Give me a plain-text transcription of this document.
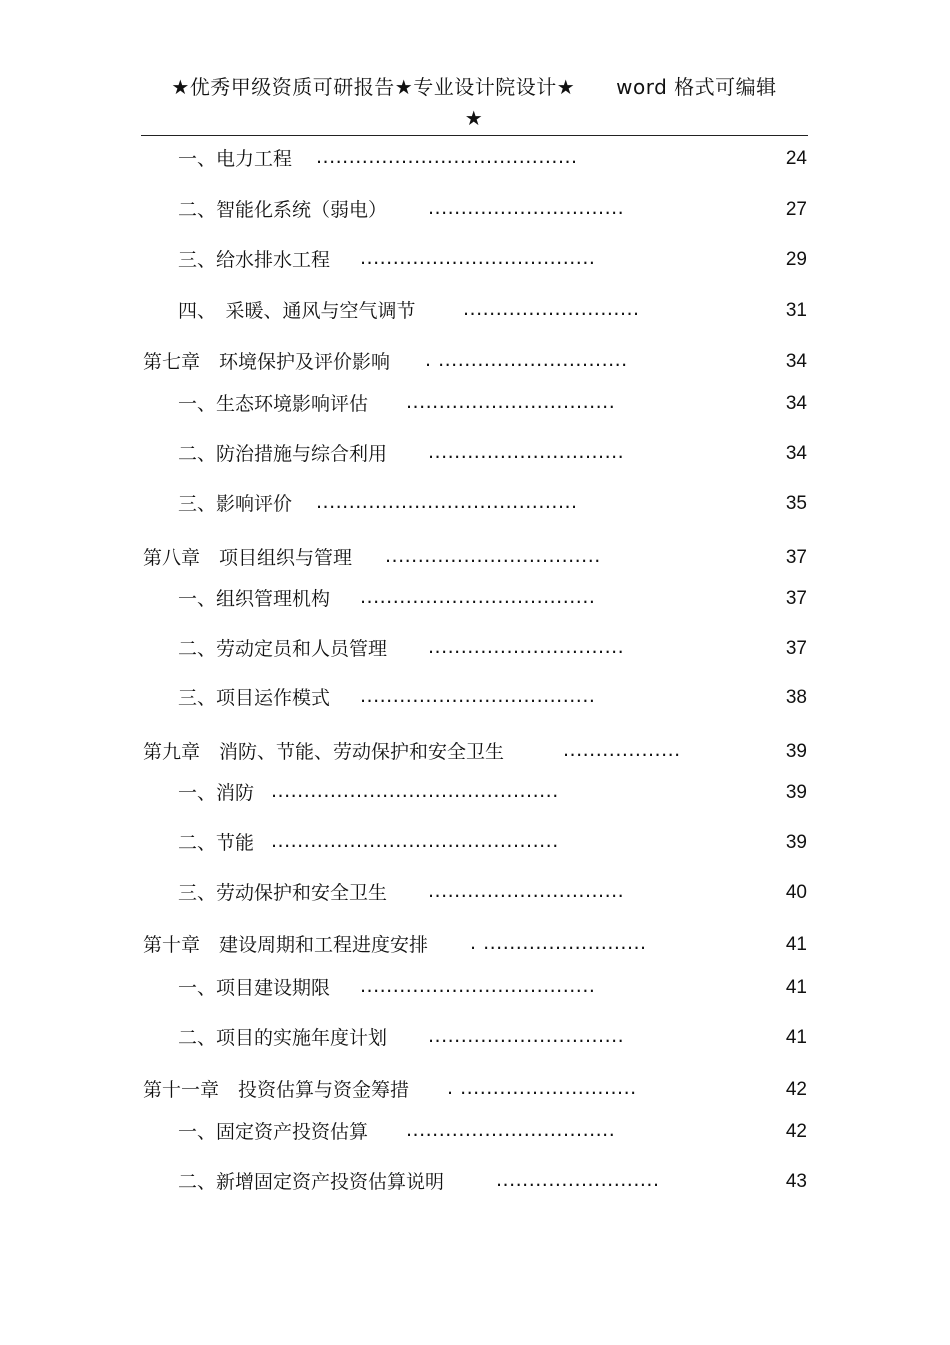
★优秀甲级资质可研报告★专业设计院设计★　　word 格式可编辑
★
一、电力工程 ........................................	24
二、智能化系统（弱电） ..............................	27
三、给水排水工程 ....................................	29
四、　采暖、通风与空气调节 ...........................	31
第七章　环境保护及评价影响 . .............................	34
一、生态环境影响评估 ................................	34
二、防治措施与综合利用 ..............................	34
三、影响评价 ........................................	35
第八章　项目组织与管理 .................................	37
一、组织管理机构 ....................................	37
二、劳动定员和人员管理 ..............................	37
三、项目运作模式 ....................................	38
第九章　消防、节能、劳动保护和安全卫生	..................	39
一、消防 ............................................	39
二、节能 ............................................	39
三、劳动保护和安全卫生 ..............................	40
第十章　建设周期和工程进度安排 . .........................	41
一、项目建设期限 ....................................	41
二、项目的实施年度计划 ..............................	41
第十一章　投资估算与资金筹措 . ...........................	42
一、固定资产投资估算 ................................	42
二、新增固定资产投资估算说明	.........................	43
